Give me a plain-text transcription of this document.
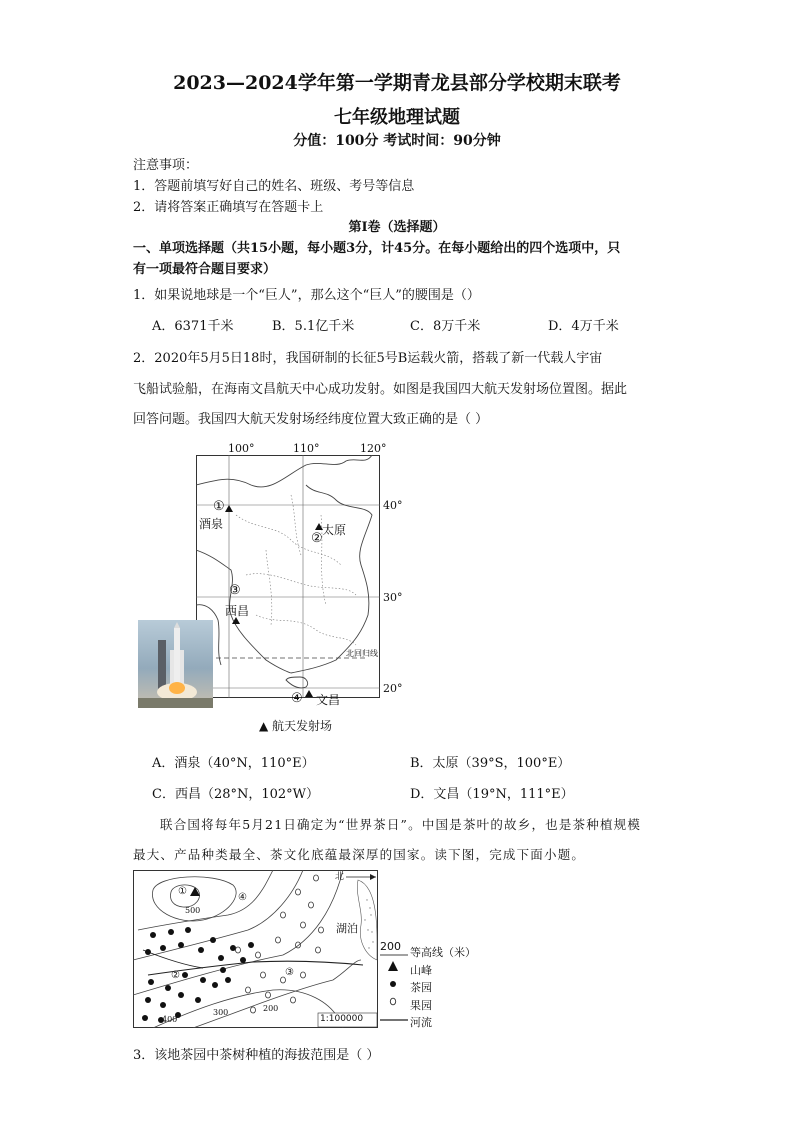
2023—2024学年第一学期青龙县部分学校期末联考
七年级地理试题
分值：100分 考试时间：90分钟
注意事项：
1．答题前填写好自己的姓名、班级、考号等信息
2．请将答案正确填写在答题卡上
第Ⅰ卷（选择题）
一、单项选择题（共15小题，每小题3分，计45分。在每小题给出的四个选项中，只
有一项最符合题目要求）
1．如果说地球是一个“巨人”，那么这个“巨人”的腰围是（）
A．6371千米	B．5.1亿千米	C．8万千米	D．4万千米
2．2020年5月5日18时，我国研制的长征5号B运载火箭，搭载了新一代载人宇宙
飞船试验船，在海南文昌航天中心成功发射。如图是我国四大航天发射场位置图。据此
回答问题。我国四大航天发射场经纬度位置大致正确的是（ ）
100°	110°	120°
40°
30°
20°
①
酒泉	太原
②
③
西昌
④ 文昌
北回归线
▲ 航天发射场
A．酒泉（40°N，110°E）	B．太原（39°S，100°E）
C．西昌（28°N，102°W）	D．文昌（19°N，111°E）
联合国将每年5月21日确定为“世界茶日”。中国是茶叶的故乡，也是茶种植规模
最大、产品种类最全、茶文化底蕴最深厚的国家。读下图，完成下面小题。
北
湖泊
1:100000
500
400
300	200
①
②	③
④
200 等高线（米）
山峰
茶园
果园
河流
3．该地茶园中茶树种植的海拔范围是（ ）
